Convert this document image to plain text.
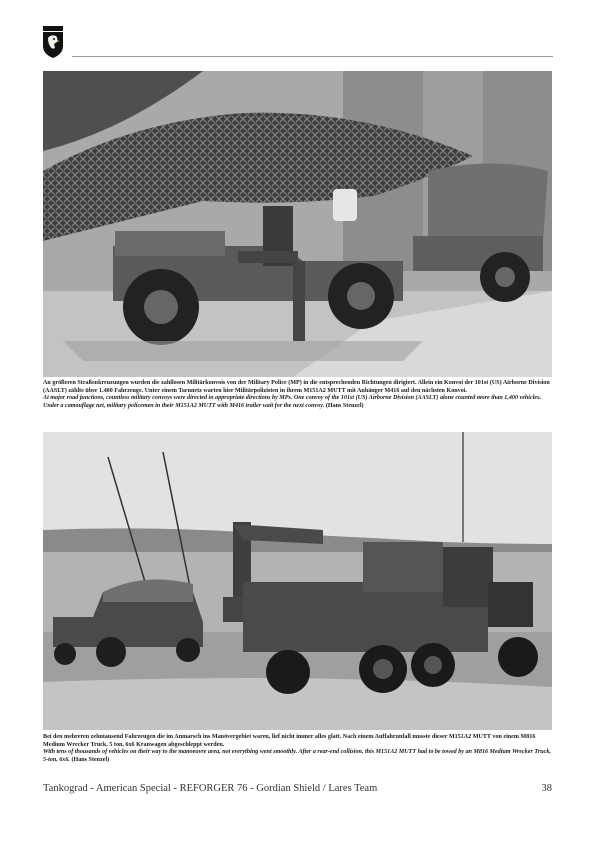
An größeren Straßenkreuzungen wurden die zahllosen Militärkonvois von der Military Police (MP) in die entsprechenden Richtungen dirigiert. Allein ein Konvoi der 101st (US) Airborne Division (AASLT) zählte über 1.400 Fahrzeuge. Unter einem Tarnnetz warten hier Militärpolizisten in ihrem M151A2 MUTT mit Anhänger M416 auf den nächsten Konvoi.

At major road junctions, countless military convoys were directed in appropriate directions by MPs. One convoy of the 101st (US) Airborne Division (AASLT) alone counted more than 1,400 vehicles. Under a camouflage net, military policemen in their M151A2 MUTT with M416 trailer wait for the next convoy. (Hans Stenzel)

Bei den mehreren zehntausend Fahrzeugen die im Anmarsch ins Manövergebiet waren, lief nicht immer alles glatt. Nach einem Auffahrunfall musste dieser M151A2 MUTT von einem M816 Medium Wrecker Truck, 5 ton, 6x6 Kranwagen abgeschleppt werden.

With tens of thousands of vehicles on their way to the manoeuvre area, not everything went smoothly. After a rear-end collision, this M151A2 MUTT had to be towed by an M816 Medium Wrecker Truck, 5-ton, 6x6. (Hans Stenzel)

Tankograd - American Special - REFORGER 76 - Gordian Shield / Lares Team	38
